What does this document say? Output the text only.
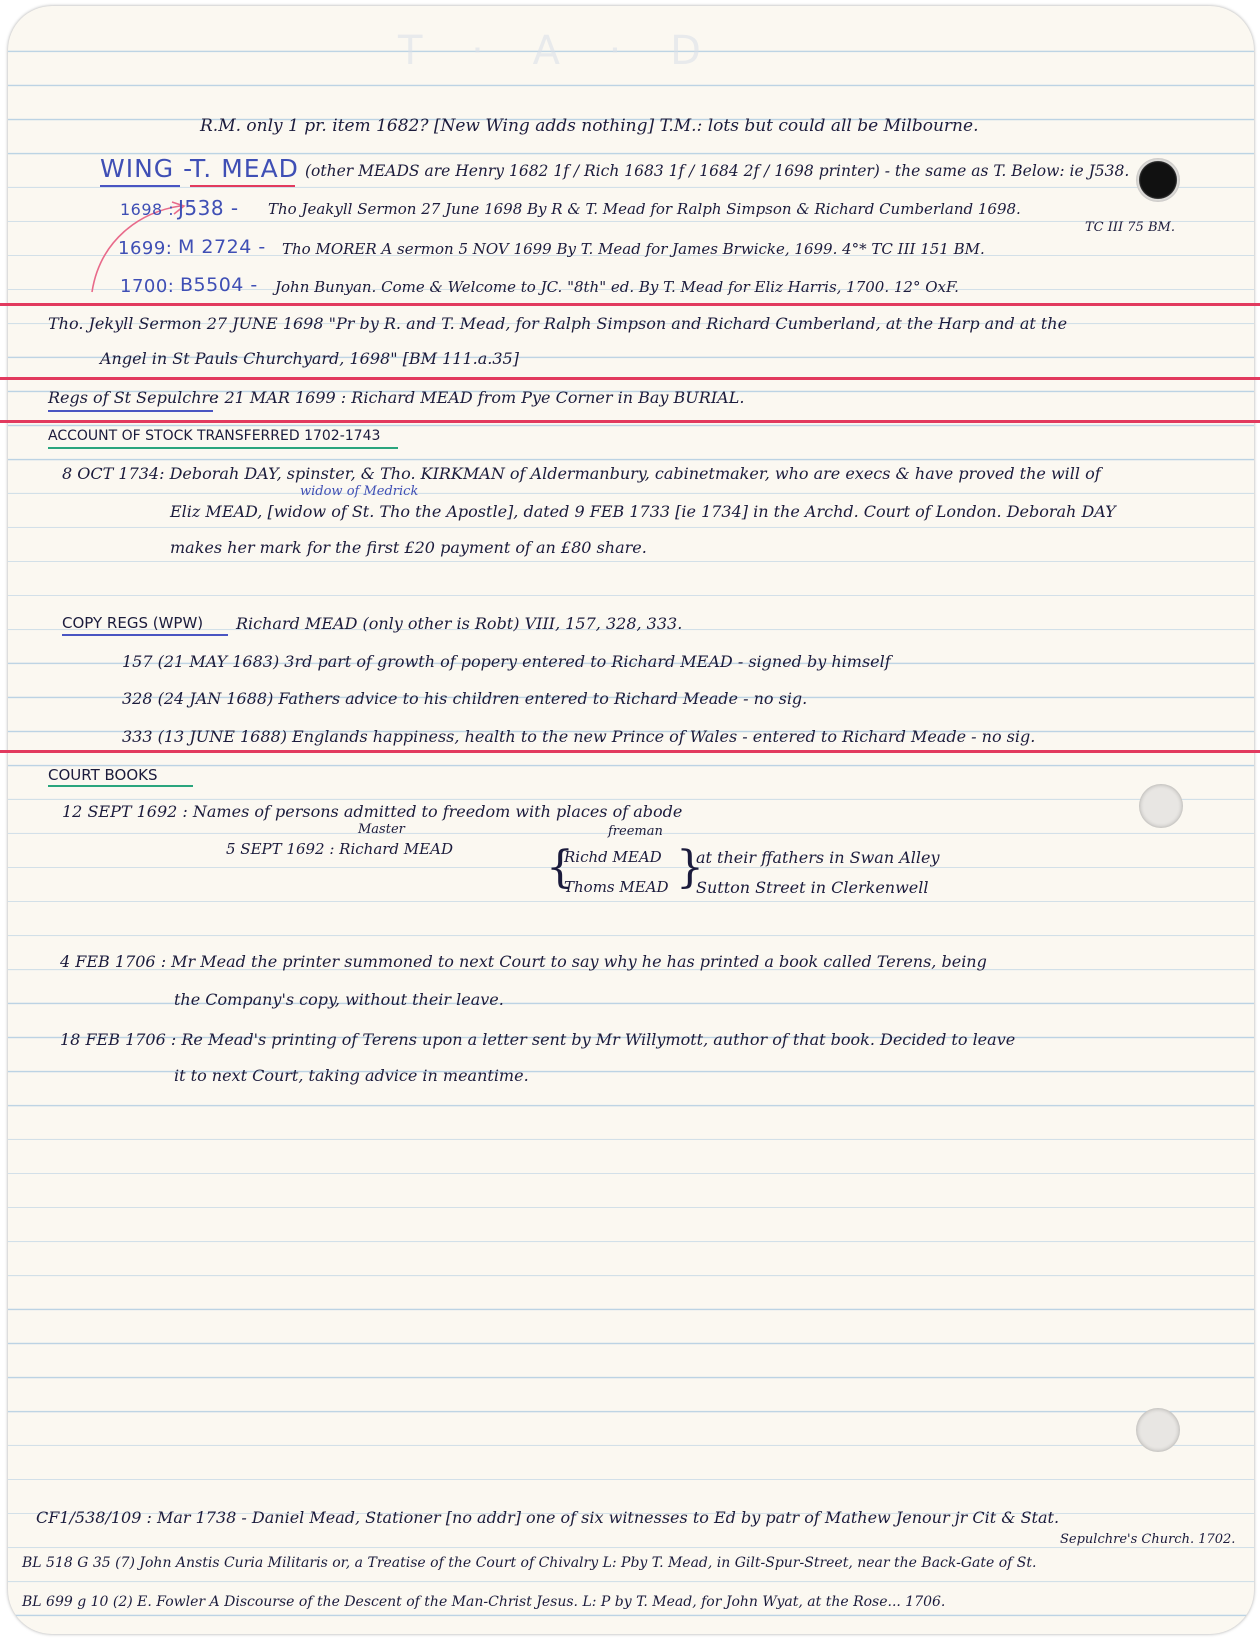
T · A · D

R.M. only 1 pr. item 1682? [New Wing adds nothing] T.M.: lots but could all be Milbourne.
WING -
T. MEAD (other MEADS are Henry 1682 1f / Rich 1683 1f / 1684 2f / 1698 printer) - the same as T. Below: ie J538.
1698 : J538 - Tho Jeakyll Sermon 27 June 1698 By R & T. Mead for Ralph Simpson & Richard Cumberland 1698.
TC III 75 BM.
1699: M 2724 - Tho MORER A sermon 5 NOV 1699 By T. Mead for James Brwicke, 1699. 4°* TC III 151 BM.
1700: B5504 - John Bunyan. Come & Welcome to JC. "8th" ed. By T. Mead for Eliz Harris, 1700. 12° OxF.
Tho. Jekyll Sermon 27 JUNE 1698 "Pr by R. and T. Mead, for Ralph Simpson and Richard Cumberland, at the Harp and at the
Angel in St Pauls Churchyard, 1698" [BM 111.a.35]
Regs of St Sepulchre
: 21 MAR 1699 : Richard MEAD from Pye Corner in Bay BURIAL.
ACCOUNT OF STOCK TRANSFERRED 1702-1743
8 OCT 1734: Deborah DAY, spinster, & Tho. KIRKMAN of Aldermanbury, cabinetmaker, who are execs & have proved the will of
widow of Medrick
Eliz MEAD, [widow of St. Tho the Apostle], dated 9 FEB 1733 [ie 1734] in the Archd. Court of London. Deborah DAY
makes her mark for the first £20 payment of an £80 share.
COPY REGS (WPW) Richard MEAD (only other is Robt) VIII, 157, 328, 333.
157 (21 MAY 1683) 3rd part of growth of popery entered to Richard MEAD - signed by himself
328 (24 JAN 1688) Fathers advice to his children entered to Richard Meade - no sig.
333 (13 JUNE 1688) Englands happiness, health to the new Prince of Wales - entered to Richard Meade - no sig.
COURT BOOKS
12 SEPT 1692 : Names of persons admitted to freedom with places of abode
Master
5 SEPT 1692 : Richard MEAD
freeman
{
Richd MEAD
Thoms MEAD }
at their ffathers in Swan Alley
Sutton Street in Clerkenwell
4 FEB 1706 : Mr Mead the printer summoned to next Court to say why he has printed a book called Terens, being
the Company's copy, without their leave.
18 FEB 1706 : Re Mead's printing of Terens upon a letter sent by Mr Willymott, author of that book. Decided to leave
it to next Court, taking advice in meantime.
CF1/538/109 : Mar 1738 - Daniel Mead, Stationer [no addr] one of six witnesses to Ed by patr of Mathew Jenour jr Cit & Stat.
Sepulchre's Church. 1702.
BL 518 G 35 (7) John Anstis Curia Militaris or, a Treatise of the Court of Chivalry L: Pby T. Mead, in Gilt-Spur-Street, near the Back-Gate of St.
BL 699 g 10 (2) E. Fowler A Discourse of the Descent of the Man-Christ Jesus. L: P by T. Mead, for John Wyat, at the Rose... 1706.
